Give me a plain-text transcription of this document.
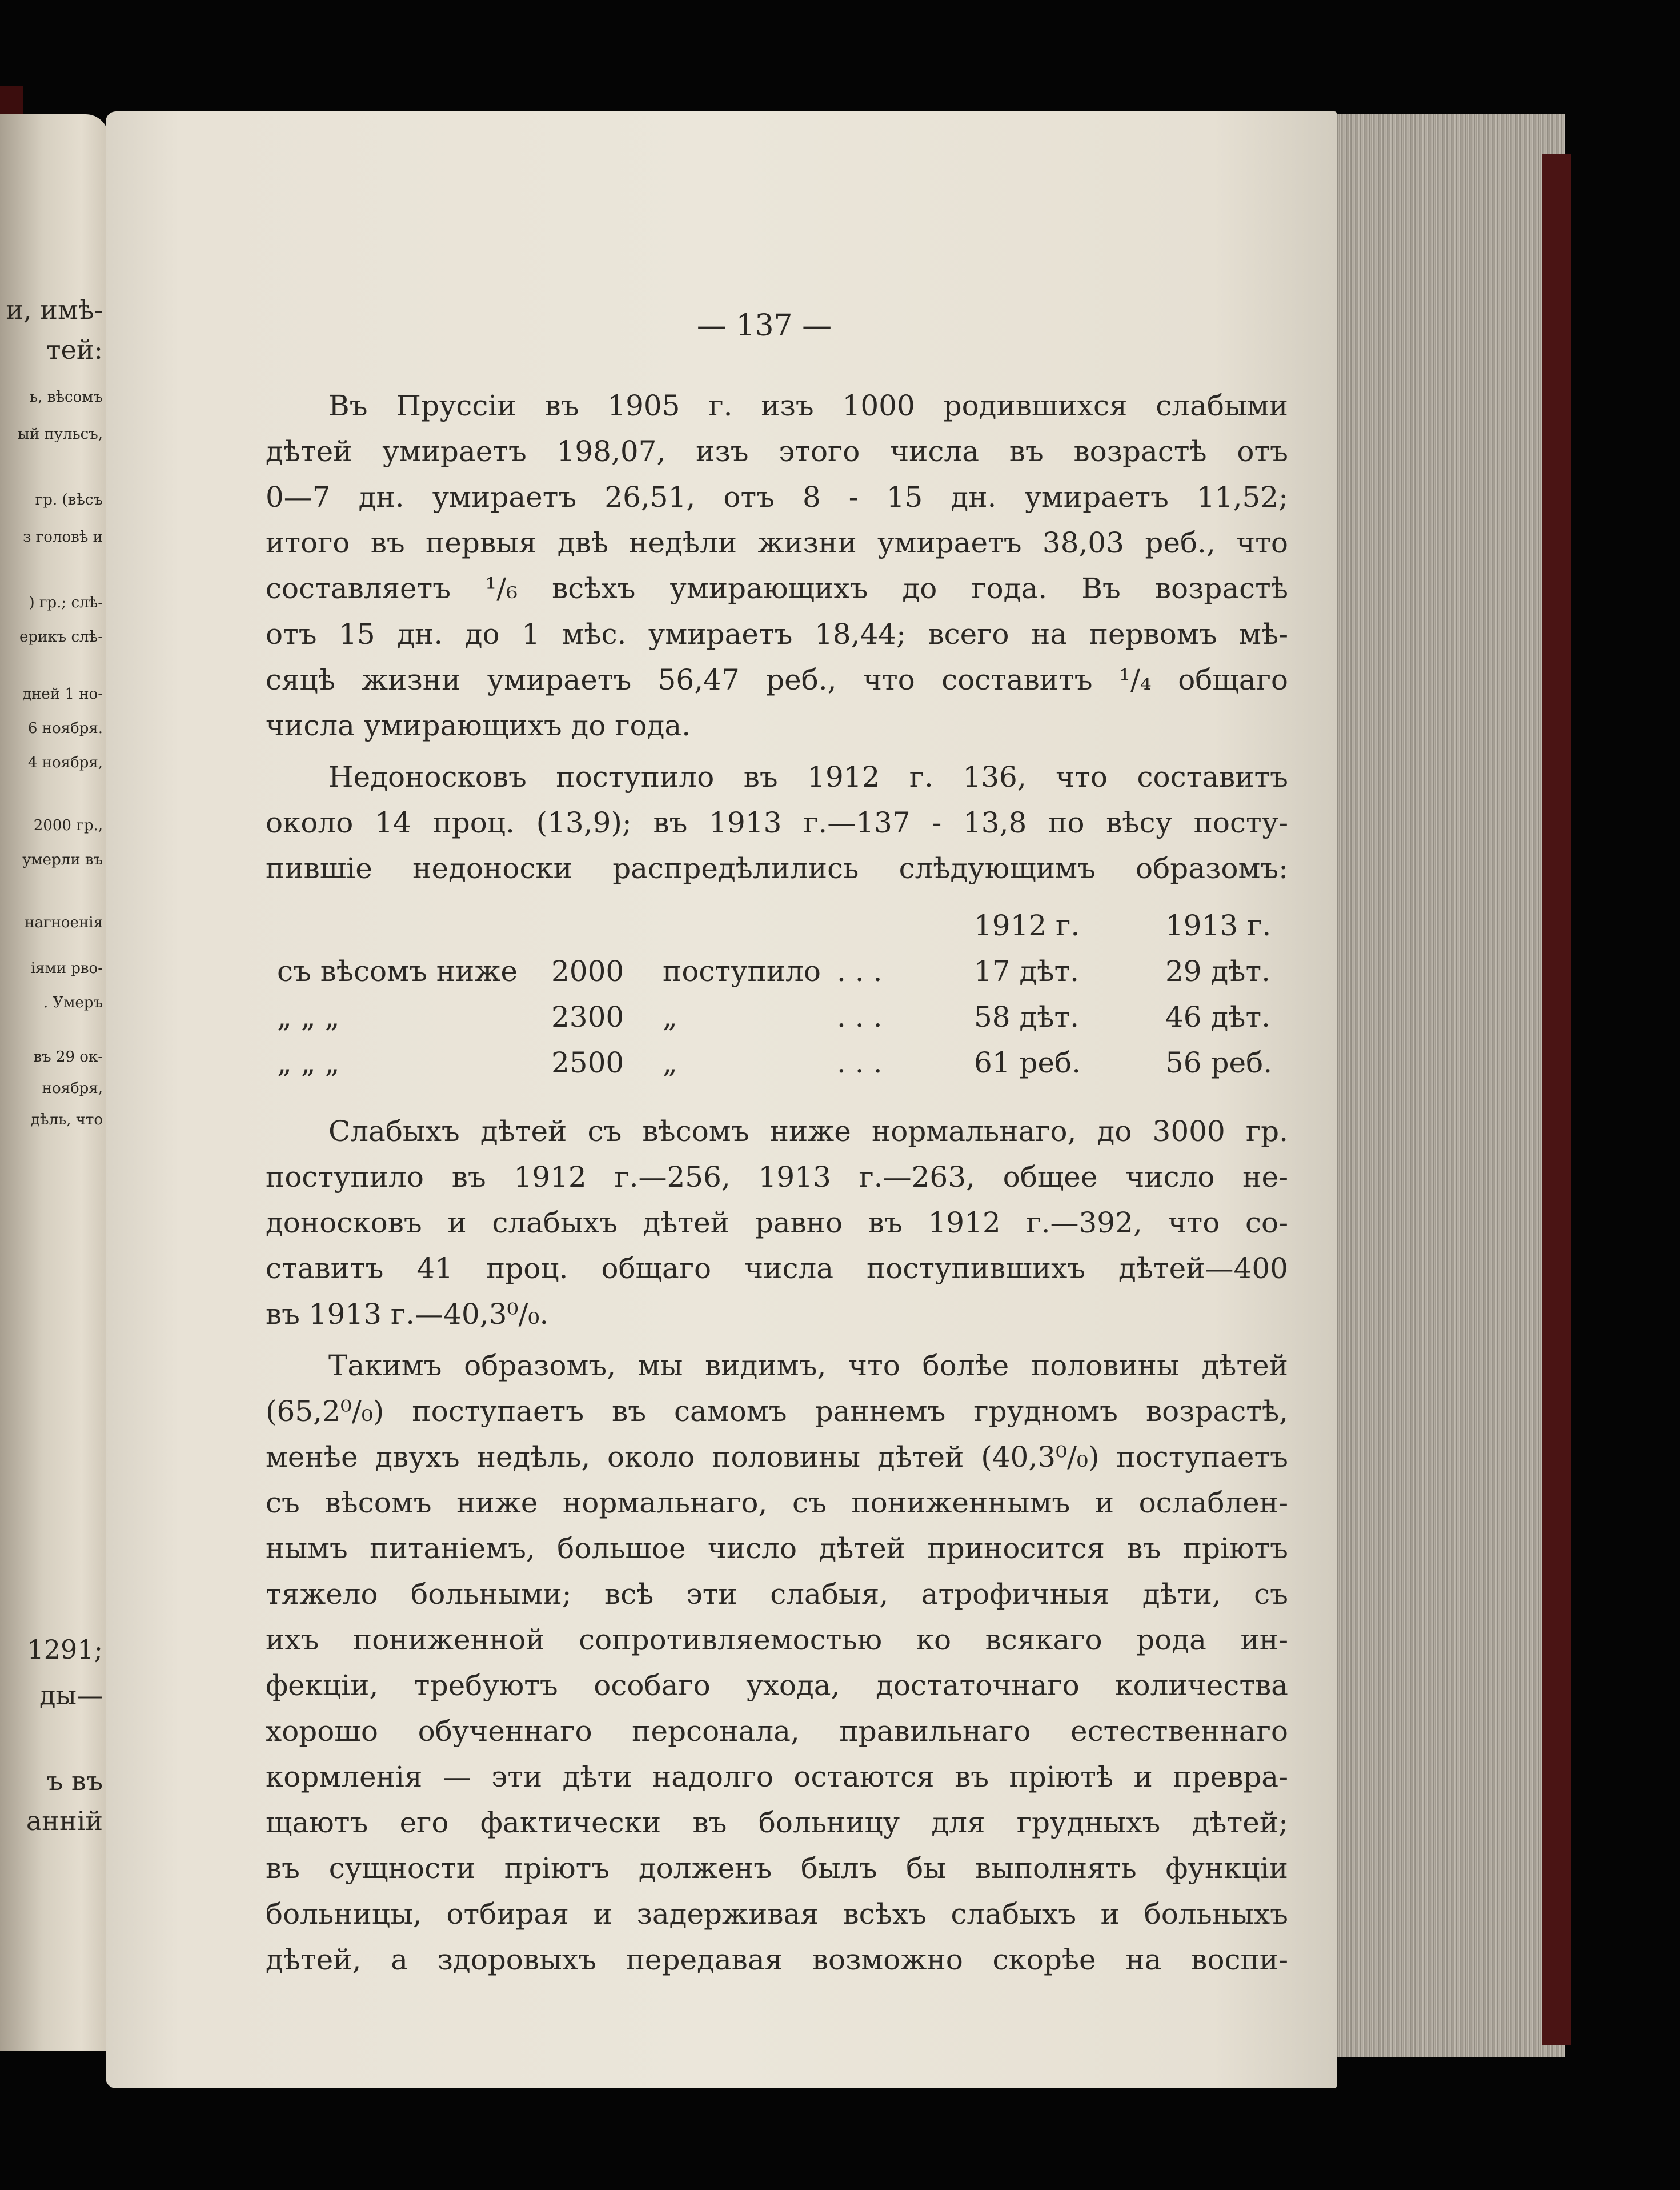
и, имѣ-
тей:
ь, вѣсомъ
ый пульсъ,
гр. (вѣсъ
з головѣ и
) гр.; слѣ-
ерикъ слѣ-
дней 1 но-
6 ноября.
4 ноября,
2000 гр.,
умерли въ
нагноенія
іями рво-
. Умеръ
въ 29 ок-
ноября,
дѣль, что
1291;
ды—
ъ въ
анній
— 137 —
Въ Пруссіи въ 1905 г. изъ 1000 родившихся слабыми
дѣтей умираетъ 198,07, изъ этого числа въ возрастѣ отъ
0—7 дн. умираетъ 26,51, отъ 8 - 15 дн. умираетъ 11,52;
итого въ первыя двѣ недѣли жизни умираетъ 38,03 реб., что
составляетъ ¹/₆ всѣхъ умирающихъ до года. Въ возрастѣ
отъ 15 дн. до 1 мѣс. умираетъ 18,44; всего на первомъ мѣ-
сяцѣ жизни умираетъ 56,47 реб., что составитъ ¹/₄ общаго
числа умирающихъ до года.
Недоносковъ поступило въ 1912 г. 136, что составитъ
около 14 проц. (13,9); въ 1913 г.—137 - 13,8 по вѣсу посту-
пившіе недоноски распредѣлились слѣдующимъ образомъ:
1912 г.	1913 г.
съ вѣсомъ ниже 2000 поступило . . .	17 дѣт.	29 дѣт.
„ „ „	2300 „	. . .	58 дѣт.	46 дѣт.
„ „ „	2500 „	. . .	61 реб.	56 реб.
Слабыхъ дѣтей съ вѣсомъ ниже нормальнаго, до 3000 гр.
поступило въ 1912 г.—256, 1913 г.—263, общее число не-
доносковъ и слабыхъ дѣтей равно въ 1912 г.—392, что со-
ставитъ 41 проц. общаго числа поступившихъ дѣтей—400
въ 1913 г.—40,3⁰/₀.
Такимъ образомъ, мы видимъ, что болѣе половины дѣтей
(65,2⁰/₀) поступаетъ въ самомъ раннемъ грудномъ возрастѣ,
менѣе двухъ недѣль, около половины дѣтей (40,3⁰/₀) поступаетъ
съ вѣсомъ ниже нормальнаго, съ пониженнымъ и ослаблен-
нымъ питаніемъ, большое число дѣтей приносится въ пріютъ
тяжело больными; всѣ эти слабыя, атрофичныя дѣти, съ
ихъ пониженной сопротивляемостью ко всякаго рода ин-
фекціи, требуютъ особаго ухода, достаточнаго количества
хорошо обученнаго персонала, правильнаго естественнаго
кормленія — эти дѣти надолго остаются въ пріютѣ и превра-
щаютъ его фактически въ больницу для грудныхъ дѣтей;
въ сущности пріютъ долженъ былъ бы выполнять функціи
больницы, отбирая и задерживая всѣхъ слабыхъ и больныхъ
дѣтей, а здоровыхъ передавая возможно скорѣе на воспи-
